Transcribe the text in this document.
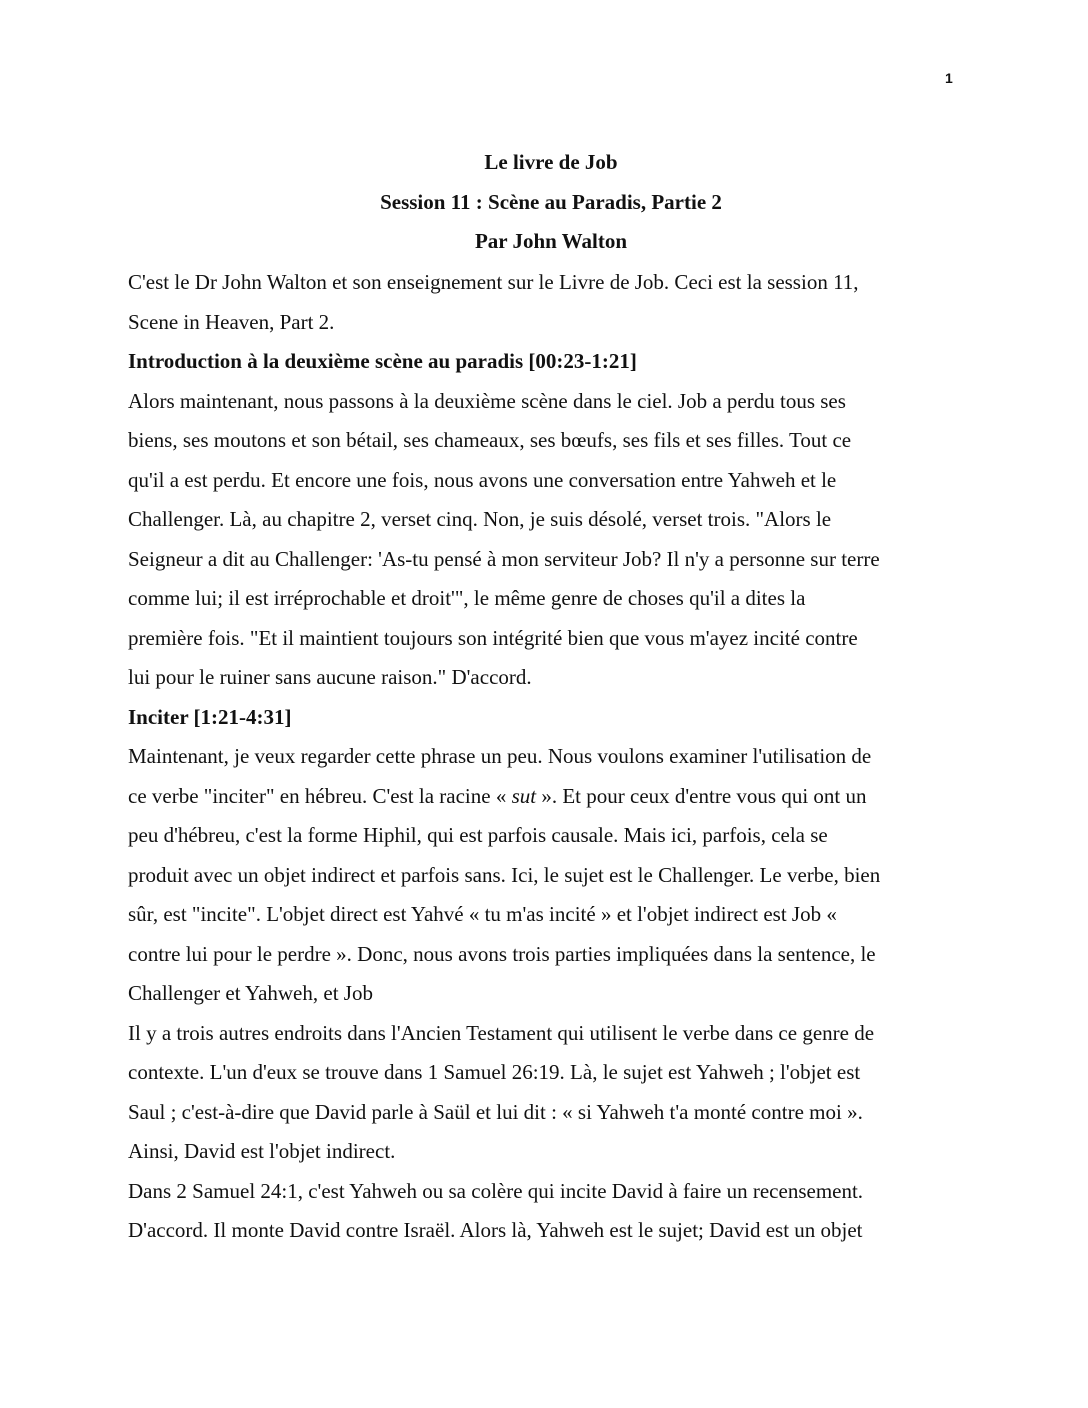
1
Le livre de Job
Session 11 : Scène au Paradis, Partie 2
Par John Walton
C'est le Dr John Walton et son enseignement sur le Livre de Job. Ceci est la session 11,
Scene in Heaven, Part 2.
Introduction à la deuxième scène au paradis [00:23-1:21]
Alors maintenant, nous passons à la deuxième scène dans le ciel. Job a perdu tous ses
biens, ses moutons et son bétail, ses chameaux, ses bœufs, ses fils et ses filles. Tout ce
qu'il a est perdu. Et encore une fois, nous avons une conversation entre Yahweh et le
Challenger. Là, au chapitre 2, verset cinq. Non, je suis désolé, verset trois. "Alors le
Seigneur a dit au Challenger: 'As-tu pensé à mon serviteur Job? Il n'y a personne sur terre
comme lui; il est irréprochable et droit'", le même genre de choses qu'il a dites la
première fois. "Et il maintient toujours son intégrité bien que vous m'ayez incité contre
lui pour le ruiner sans aucune raison." D'accord.
Inciter [1:21-4:31]
Maintenant, je veux regarder cette phrase un peu. Nous voulons examiner l'utilisation de
ce verbe "inciter" en hébreu. C'est la racine « sut ». Et pour ceux d'entre vous qui ont un
peu d'hébreu, c'est la forme Hiphil, qui est parfois causale. Mais ici, parfois, cela se
produit avec un objet indirect et parfois sans. Ici, le sujet est le Challenger. Le verbe, bien
sûr, est "incite". L'objet direct est Yahvé « tu m'as incité » et l'objet indirect est Job «
contre lui pour le perdre ». Donc, nous avons trois parties impliquées dans la sentence, le
Challenger et Yahweh, et Job
Il y a trois autres endroits dans l'Ancien Testament qui utilisent le verbe dans ce genre de
contexte. L'un d'eux se trouve dans 1 Samuel 26:19. Là, le sujet est Yahweh ; l'objet est
Saul ; c'est-à-dire que David parle à Saül et lui dit : « si Yahweh t'a monté contre moi ».
Ainsi, David est l'objet indirect.
Dans 2 Samuel 24:1, c'est Yahweh ou sa colère qui incite David à faire un recensement.
D'accord. Il monte David contre Israël. Alors là, Yahweh est le sujet; David est un objet
